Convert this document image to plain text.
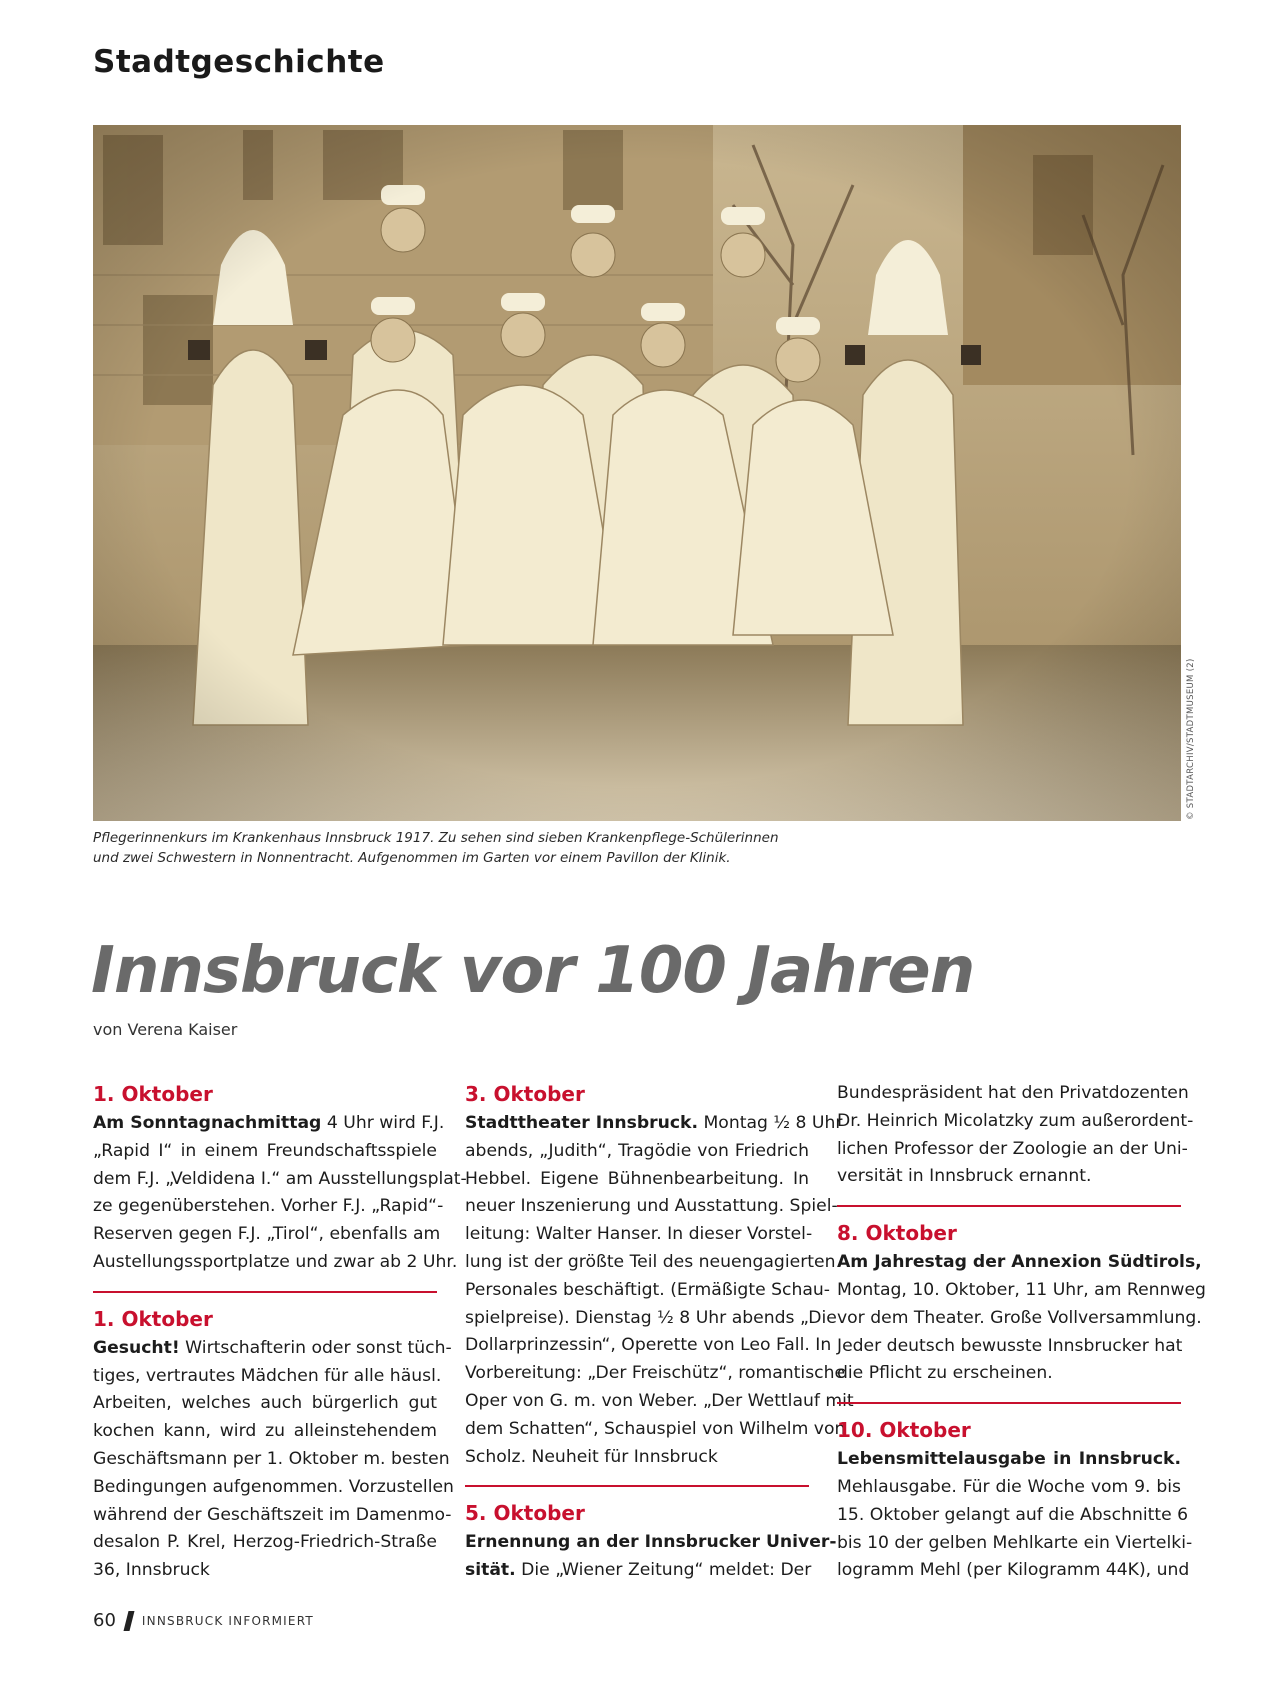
Stadtgeschichte
© STADTARCHIV/STADTMUSEUM (2)
Pflegerinnenkurs im Krankenhaus Innsbruck 1917. Zu sehen sind sieben Krankenpflege-Schülerinnen
und zwei Schwestern in Nonnentracht. Aufgenommen im Garten vor einem Pavillon der Klinik.
Innsbruck vor 100 Jahren
von Verena Kaiser
1. Oktober
Am Sonntagnachmittag 4 Uhr wird F.J.
„Rapid I“ in einem Freundschaftsspiele
dem F.J. „Veldidena I.“ am Ausstellungsplat-
ze gegenüberstehen. Vorher F.J. „Rapid“-
Reserven gegen F.J. „Tirol“, ebenfalls am
Austellungssportplatze und zwar ab 2 Uhr.
1. Oktober
Gesucht! Wirtschafterin oder sonst tüch-
tiges, vertrautes Mädchen für alle häusl.
Arbeiten, welches auch bürgerlich gut
kochen kann, wird zu alleinstehendem
Geschäftsmann per 1. Oktober m. besten
Bedingungen aufgenommen. Vorzustellen
während der Geschäftszeit im Damenmo-
desalon P. Krel, Herzog-Friedrich-Straße
36, Innsbruck
3. Oktober
Stadttheater Innsbruck. Montag ½ 8 Uhr
abends, „Judith“, Tragödie von Friedrich
Hebbel. Eigene Bühnenbearbeitung. In
neuer Inszenierung und Ausstattung. Spiel-
leitung: Walter Hanser. In dieser Vorstel-
lung ist der größte Teil des neuengagierten
Personales beschäftigt. (Ermäßigte Schau-
spielpreise). Dienstag ½ 8 Uhr abends „Die
Dollarprinzessin“, Operette von Leo Fall. In
Vorbereitung: „Der Freischütz“, romantische
Oper von G. m. von Weber. „Der Wettlauf mit
dem Schatten“, Schauspiel von Wilhelm von
Scholz. Neuheit für Innsbruck
5. Oktober
Ernennung an der Innsbrucker Univer-
sität. Die „Wiener Zeitung“ meldet: Der
Bundespräsident hat den Privatdozenten
Dr. Heinrich Micolatzky zum außerordent-
lichen Professor der Zoologie an der Uni-
versität in Innsbruck ernannt.
8. Oktober
Am Jahrestag der Annexion Südtirols,
Montag, 10. Oktober, 11 Uhr, am Rennweg
vor dem Theater. Große Vollversammlung.
Jeder deutsch bewusste Innsbrucker hat
die Pflicht zu erscheinen.
10. Oktober
Lebensmittelausgabe in Innsbruck.
Mehlausgabe. Für die Woche vom 9. bis
15. Oktober gelangt auf die Abschnitte 6
bis 10 der gelben Mehlkarte ein Viertelki-
logramm Mehl (per Kilogramm 44K), und
60 INNSBRUCK INFORMIERT
